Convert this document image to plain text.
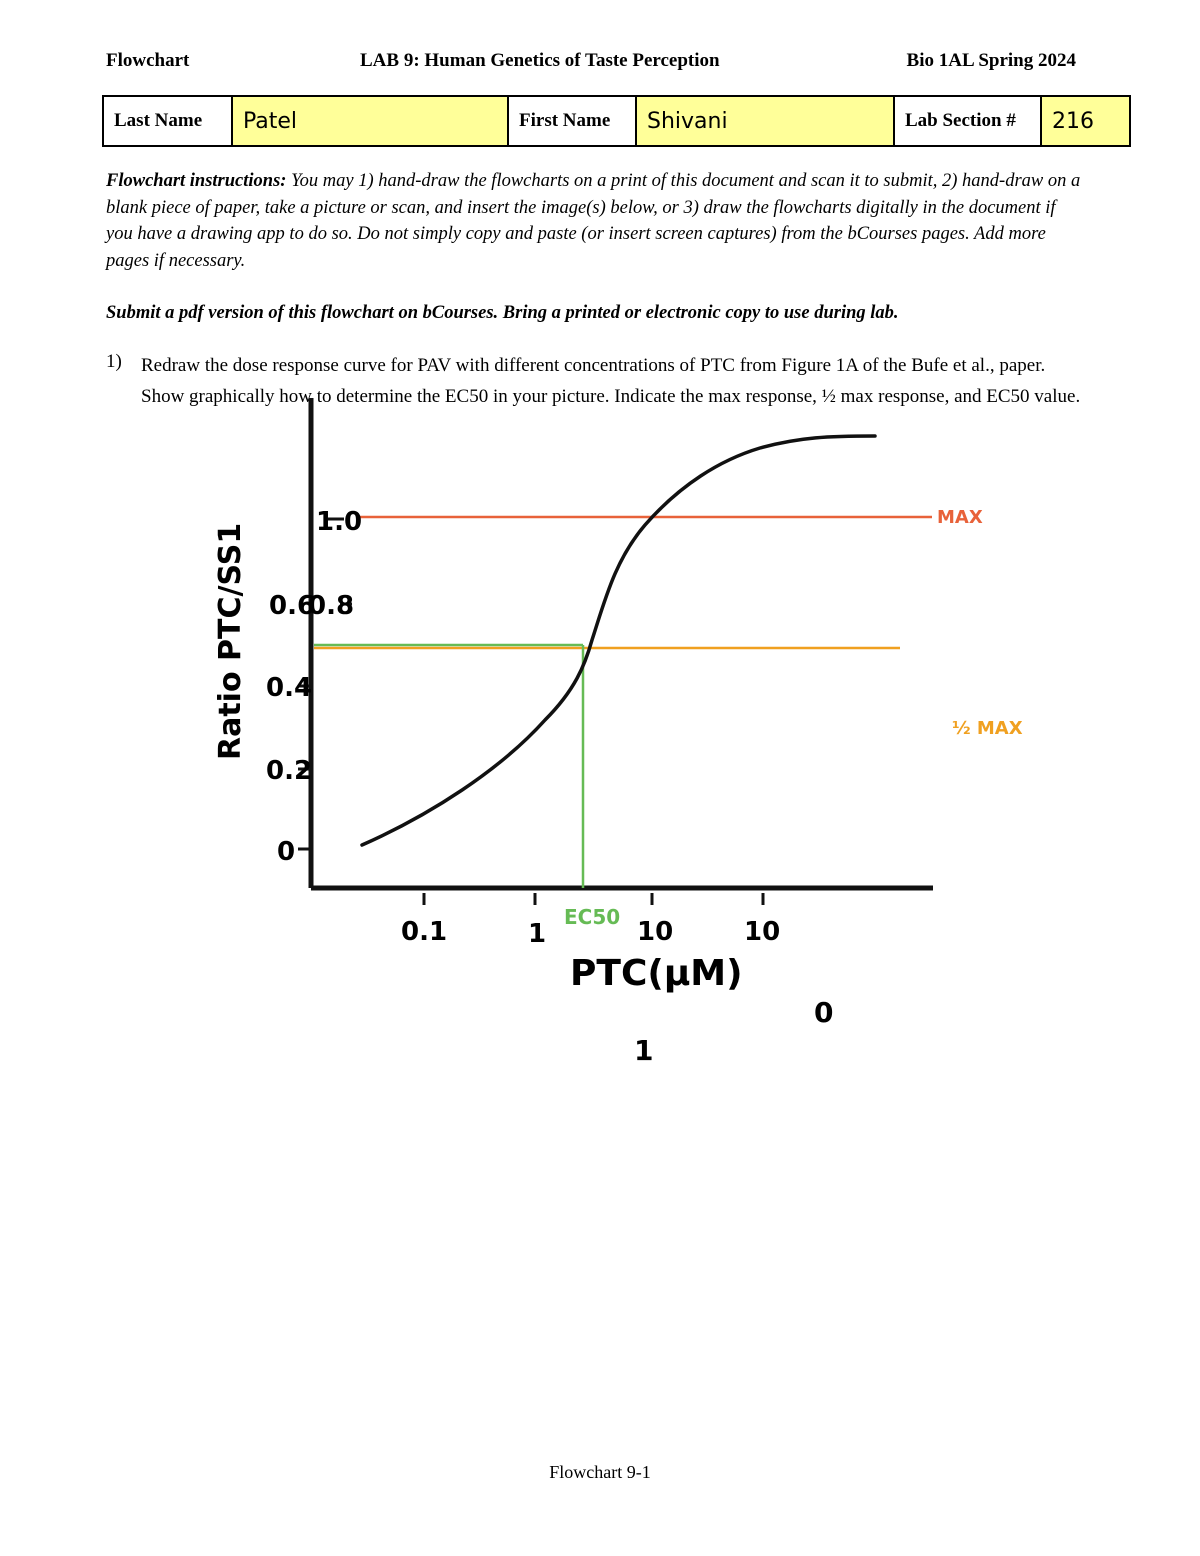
Flowchart	LAB 9: Human Genetics of Taste Perception	Bio 1AL Spring 2024
Last Name	Patel	First Name	Shivani	Lab Section #	216
Flowchart instructions: You may 1) hand-draw the flowcharts on a print of this document and scan it to submit, 2) hand-draw on a blank piece of paper, take a picture or scan, and insert the image(s) below, or 3) draw the flowcharts digitally in the document if you have a drawing app to do so. Do not simply copy and paste (or insert screen captures) from the bCourses pages. Add more pages if necessary.
Submit a pdf version of this flowchart on bCourses. Bring a printed or electronic copy to use during lab.
1) Redraw the dose response curve for PAV with different concentrations of PTC from Figure 1A of the Bufe et al., paper. Show graphically how to determine the EC50 in your picture. Indicate the max response, ½ max response, and EC50 value.
Ratio PTC/SS1
1.0
0.8
0.6
0.4
0.2
0
0.1	1	10	10
PTC(μM)
0
1
MAX
½ MAX
EC50
Flowchart 9-1
